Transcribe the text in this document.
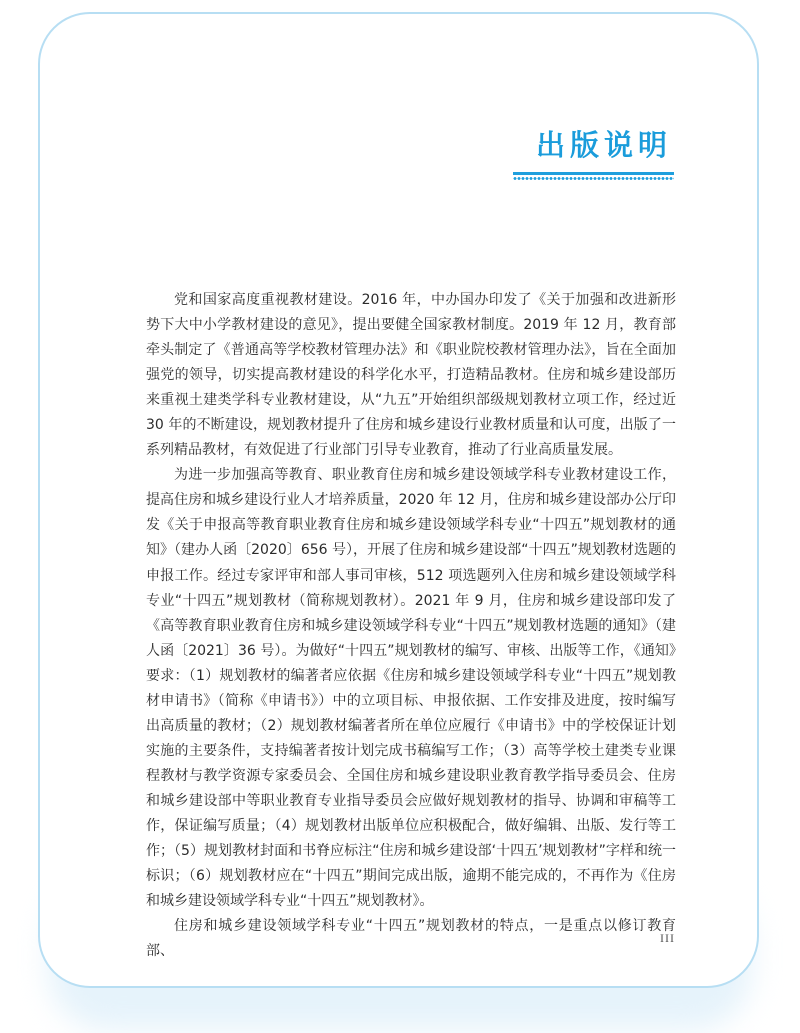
出版说明

党和国家高度重视教材建设。2016 年，中办国办印发了《关于加强和改进新形势下大中小学教材建设的意见》，提出要健全国家教材制度。2019 年 12 月，教育部牵头制定了《普通高等学校教材管理办法》和《职业院校教材管理办法》，旨在全面加强党的领导，切实提高教材建设的科学化水平，打造精品教材。住房和城乡建设部历来重视土建类学科专业教材建设，从“九五”开始组织部级规划教材立项工作，经过近 30 年的不断建设，规划教材提升了住房和城乡建设行业教材质量和认可度，出版了一系列精品教材，有效促进了行业部门引导专业教育，推动了行业高质量发展。

为进一步加强高等教育、职业教育住房和城乡建设领域学科专业教材建设工作，提高住房和城乡建设行业人才培养质量，2020 年 12 月，住房和城乡建设部办公厅印发《关于申报高等教育职业教育住房和城乡建设领域学科专业“十四五”规划教材的通知》（建办人函〔2020〕656 号），开展了住房和城乡建设部“十四五”规划教材选题的申报工作。经过专家评审和部人事司审核，512 项选题列入住房和城乡建设领域学科专业“十四五”规划教材（简称规划教材）。2021 年 9 月，住房和城乡建设部印发了《高等教育职业教育住房和城乡建设领域学科专业“十四五”规划教材选题的通知》（建人函〔2021〕36 号）。为做好“十四五”规划教材的编写、审核、出版等工作，《通知》要求：（1）规划教材的编著者应依据《住房和城乡建设领域学科专业“十四五”规划教材申请书》（简称《申请书》）中的立项目标、申报依据、工作安排及进度，按时编写出高质量的教材；（2）规划教材编著者所在单位应履行《申请书》中的学校保证计划实施的主要条件，支持编著者按计划完成书稿编写工作；（3）高等学校土建类专业课程教材与教学资源专家委员会、全国住房和城乡建设职业教育教学指导委员会、住房和城乡建设部中等职业教育专业指导委员会应做好规划教材的指导、协调和审稿等工作，保证编写质量；（4）规划教材出版单位应积极配合，做好编辑、出版、发行等工作；（5）规划教材封面和书脊应标注“住房和城乡建设部‘十四五’规划教材”字样和统一标识；（6）规划教材应在“十四五”期间完成出版，逾期不能完成的，不再作为《住房和城乡建设领域学科专业“十四五”规划教材》。

住房和城乡建设领域学科专业“十四五”规划教材的特点，一是重点以修订教育部、

III
